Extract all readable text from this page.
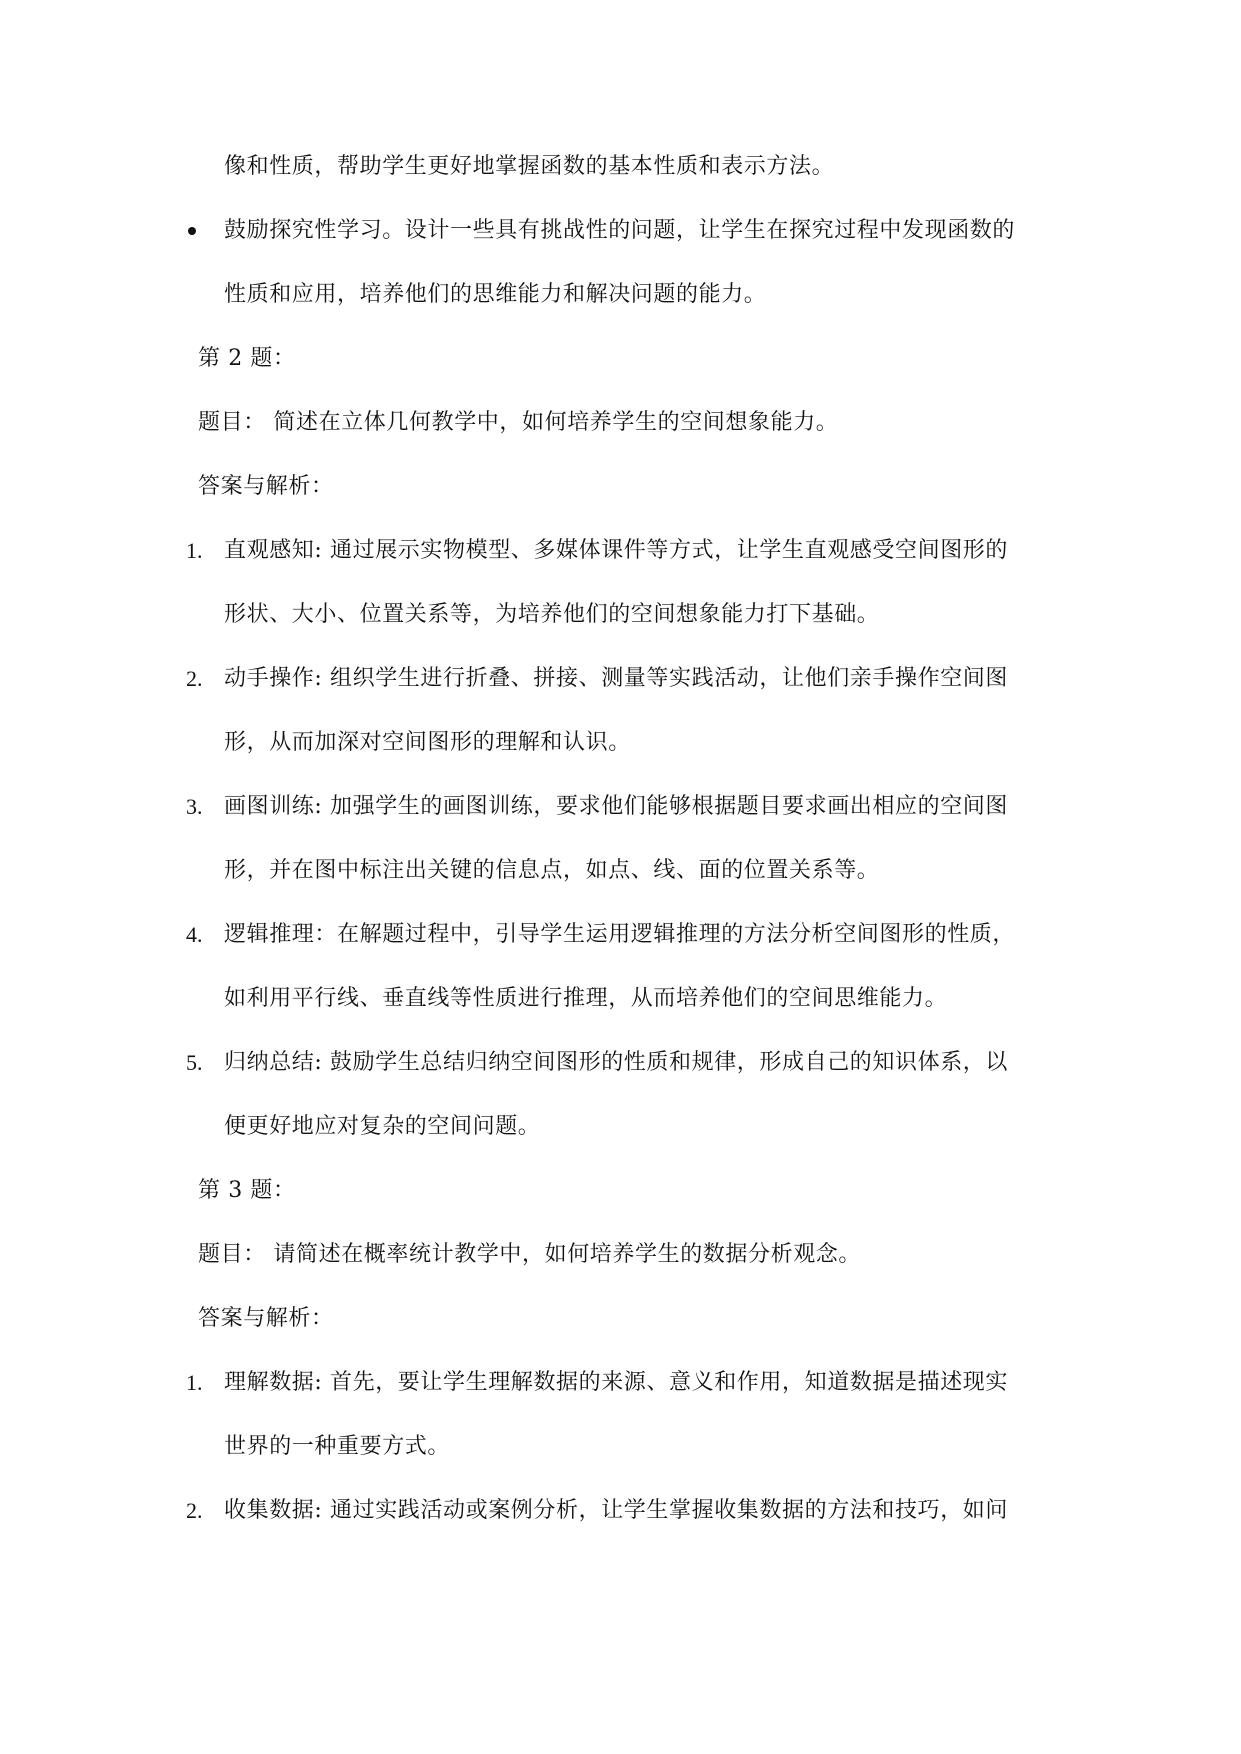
像和性质，帮助学生更好地掌握函数的基本性质和表示方法。
鼓励探究性学习。设计一些具有挑战性的问题，让学生在探究过程中发现函数的
性质和应用，培养他们的思维能力和解决问题的能力。
第 2 题：
题目： 简述在立体几何教学中，如何培养学生的空间想象能力。
答案与解析：
1. 直观感知: 通过展示实物模型、多媒体课件等方式，让学生直观感受空间图形的
形状、大小、位置关系等，为培养他们的空间想象能力打下基础。
2. 动手操作: 组织学生进行折叠、拼接、测量等实践活动，让他们亲手操作空间图
形，从而加深对空间图形的理解和认识。
3. 画图训练: 加强学生的画图训练，要求他们能够根据题目要求画出相应的空间图
形，并在图中标注出关键的信息点，如点、线、面的位置关系等。
4. 逻辑推理：在解题过程中，引导学生运用逻辑推理的方法分析空间图形的性质，
如利用平行线、垂直线等性质进行推理，从而培养他们的空间思维能力。
5. 归纳总结: 鼓励学生总结归纳空间图形的性质和规律，形成自己的知识体系，以
便更好地应对复杂的空间问题。
第 3 题：
题目： 请简述在概率统计教学中，如何培养学生的数据分析观念。
答案与解析：
1. 理解数据: 首先，要让学生理解数据的来源、意义和作用，知道数据是描述现实
世界的一种重要方式。
2. 收集数据: 通过实践活动或案例分析，让学生掌握收集数据的方法和技巧，如问
